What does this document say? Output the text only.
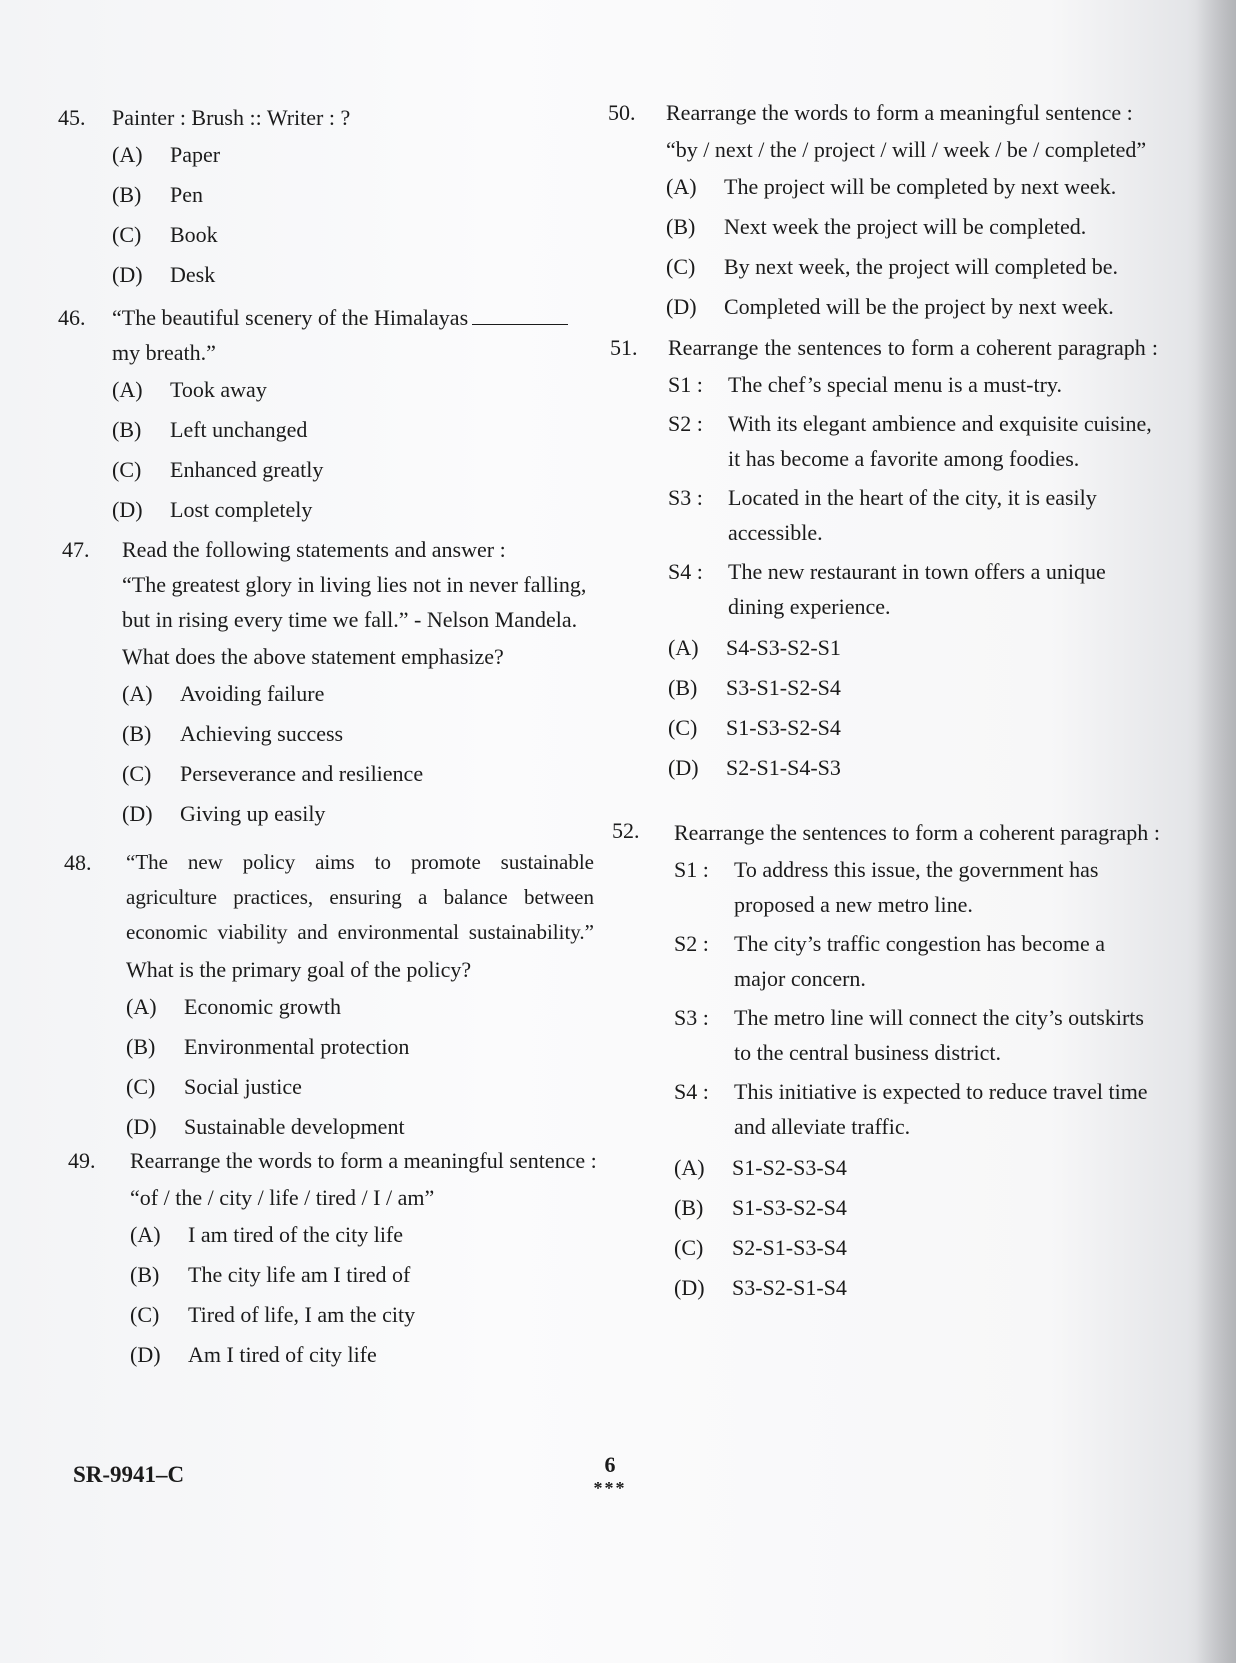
45. Painter : Brush :: Writer : ?
(A) Paper
(B) Pen
(C) Book
(D) Desk
46. “The beautiful scenery of the Himalayas
my breath.”
(A) Took away
(B) Left unchanged
(C) Enhanced greatly
(D) Lost completely
47. Read the following statements and answer :
“The greatest glory in living lies not in never falling, but in rising every time we fall.” - Nelson Mandela.
What does the above statement emphasize?
(A) Avoiding failure
(B) Achieving success
(C) Perseverance and resilience
(D) Giving up easily
48. “The new policy aims to promote sustainable agriculture practices, ensuring a balance between economic viability and environmental sustainability.”
What is the primary goal of the policy?
(A) Economic growth
(B) Environmental protection
(C) Social justice
(D) Sustainable development
49. Rearrange the words to form a meaningful sentence :
“of / the / city / life / tired / I / am”
(A) I am tired of the city life
(B) The city life am I tired of
(C) Tired of life, I am the city
(D) Am I tired of city life
50. Rearrange the words to form a meaningful sentence :
“by / next / the / project / will / week / be / completed”
(A) The project will be completed by next week.
(B) Next week the project will be completed.
(C) By next week, the project will completed be.
(D) Completed will be the project by next week.
51. Rearrange the sentences to form a coherent paragraph :
S1 : The chef’s special menu is a must-try.
S2 : With its elegant ambience and exquisite cuisine, it has become a favorite among foodies.
S3 : Located in the heart of the city, it is easily accessible.
S4 : The new restaurant in town offers a unique dining experience.
(A) S4-S3-S2-S1
(B) S3-S1-S2-S4
(C) S1-S3-S2-S4
(D) S2-S1-S4-S3
52. Rearrange the sentences to form a coherent paragraph :
S1 : To address this issue, the government has proposed a new metro line.
S2 : The city’s traffic congestion has become a major concern.
S3 : The metro line will connect the city’s outskirts to the central business district.
S4 : This initiative is expected to reduce travel time and alleviate traffic.
(A) S1-S2-S3-S4
(B) S1-S3-S2-S4
(C) S2-S1-S3-S4
(D) S3-S2-S1-S4
SR-9941–C	6
***
